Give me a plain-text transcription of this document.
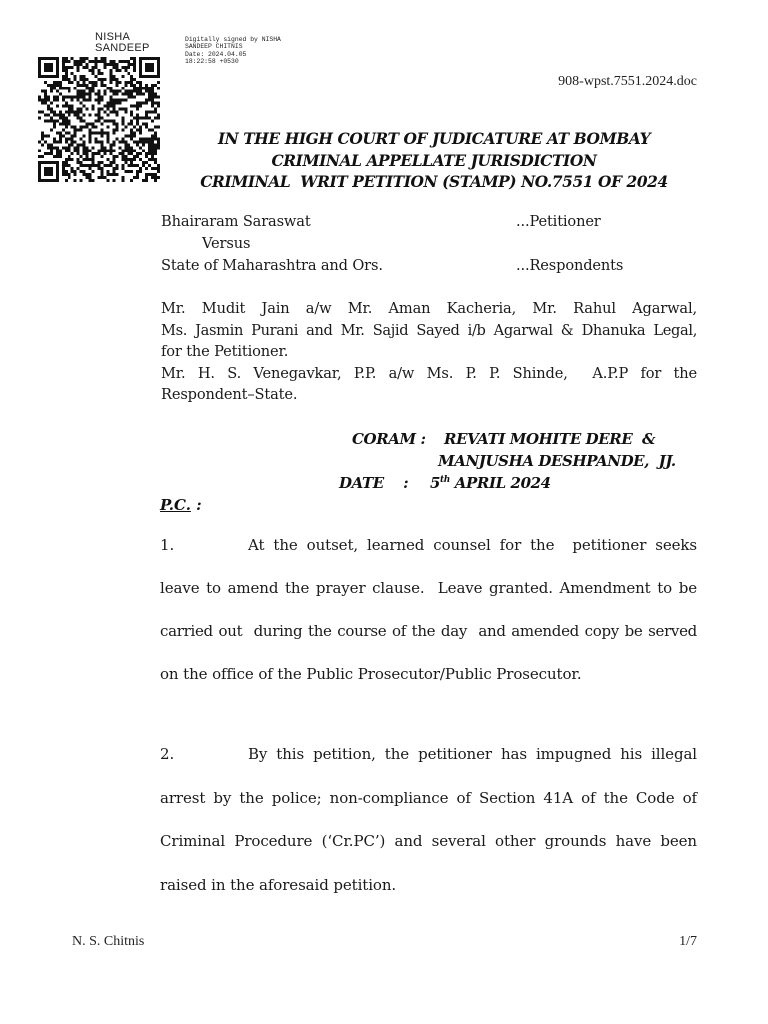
NISHA
SANDEEP
Digitally signed by NISHA
SANDEEP CHITNIS
Date: 2024.04.05
18:22:58 +0530
908-wpst.7551.2024.doc
IN THE HIGH COURT OF JUDICATURE AT BOMBAY
CRIMINAL APPELLATE JURISDICTION
CRIMINAL  WRIT PETITION (STAMP) NO.7551 OF 2024
Bhairaram Saraswat	...Petitioner
Versus
State of Maharashtra and Ors.	...Respondents
Mr. Mudit Jain a/w Mr. Aman Kacheria, Mr. Rahul Agarwal,
Ms. Jasmin Purani and Mr. Sajid Sayed i/b Agarwal & Dhanuka Legal,
for the Petitioner.
Mr. H. S. Venegavkar, P.P. a/w Ms. P. P. Shinde,  A.P.P for the
Respondent–State.
CORAM : REVATI MOHITE DERE  &
MANJUSHA DESHPANDE,  JJ.
DATE    : 5th APRIL 2024
P.C. :
1.	At the outset, learned counsel for the  petitioner seeks
leave to amend the prayer clause.  Leave granted. Amendment to be
carried out  during the course of the day  and amended copy be served
on the office of the Public Prosecutor/Public Prosecutor.
2.	By this petition, the petitioner has impugned his illegal
arrest by the police; non-compliance of Section 41A of the Code of
Criminal Procedure (‘Cr.PC’) and several other grounds have been
raised in the aforesaid petition.
N. S. Chitnis	1/7
